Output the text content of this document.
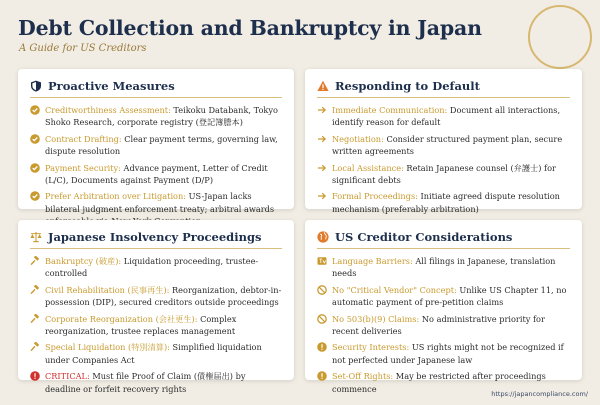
Debt Collection and Bankruptcy in Japan
A Guide for US Creditors
Proactive Measures
Creditworthiness Assessment: Teikoku Databank, Tokyo Shoko Research, corporate registry (登記簿謄本)
Contract Drafting: Clear payment terms, governing law, dispute resolution
Payment Security: Advance payment, Letter of Credit (L/C), Documents against Payment (D/P)
Prefer Arbitration over Litigation: US-Japan lacks bilateral judgment enforcement treaty; arbitral awards
Responding to Default
Immediate Communication: Document all interactions, identify reason for default
Negotiation: Consider structured payment plan, secure written agreements
Local Assistance: Retain Japanese counsel (弁護士) for significant debts
Formal Proceedings: Initiate agreed dispute resolution mechanism (preferably arbitration)
Japanese Insolvency Proceedings
Bankruptcy (破産): Liquidation proceeding, trustee-controlled
Civil Rehabilitation (民事再生): Reorganization, debtor-in-possession (DIP), secured creditors outside proceedings
Corporate Reorganization (会社更生): Complex reorganization, trustee replaces management
Special Liquidation (特別清算): Simplified liquidation under Companies Act
CRITICAL: Must file Proof of Claim (債権届出) by deadline or forfeit recovery rights
US Creditor Considerations
Language Barriers: All filings in Japanese, translation needs
No "Critical Vendor" Concept: Unlike US Chapter 11, no automatic payment of pre-petition claims
No 503(b)(9) Claims: No administrative priority for recent deliveries
Security Interests: US rights might not be recognized if not perfected under Japanese law
Set-Off Rights: May be restricted after proceedings commence
https://japancompliance.com/
